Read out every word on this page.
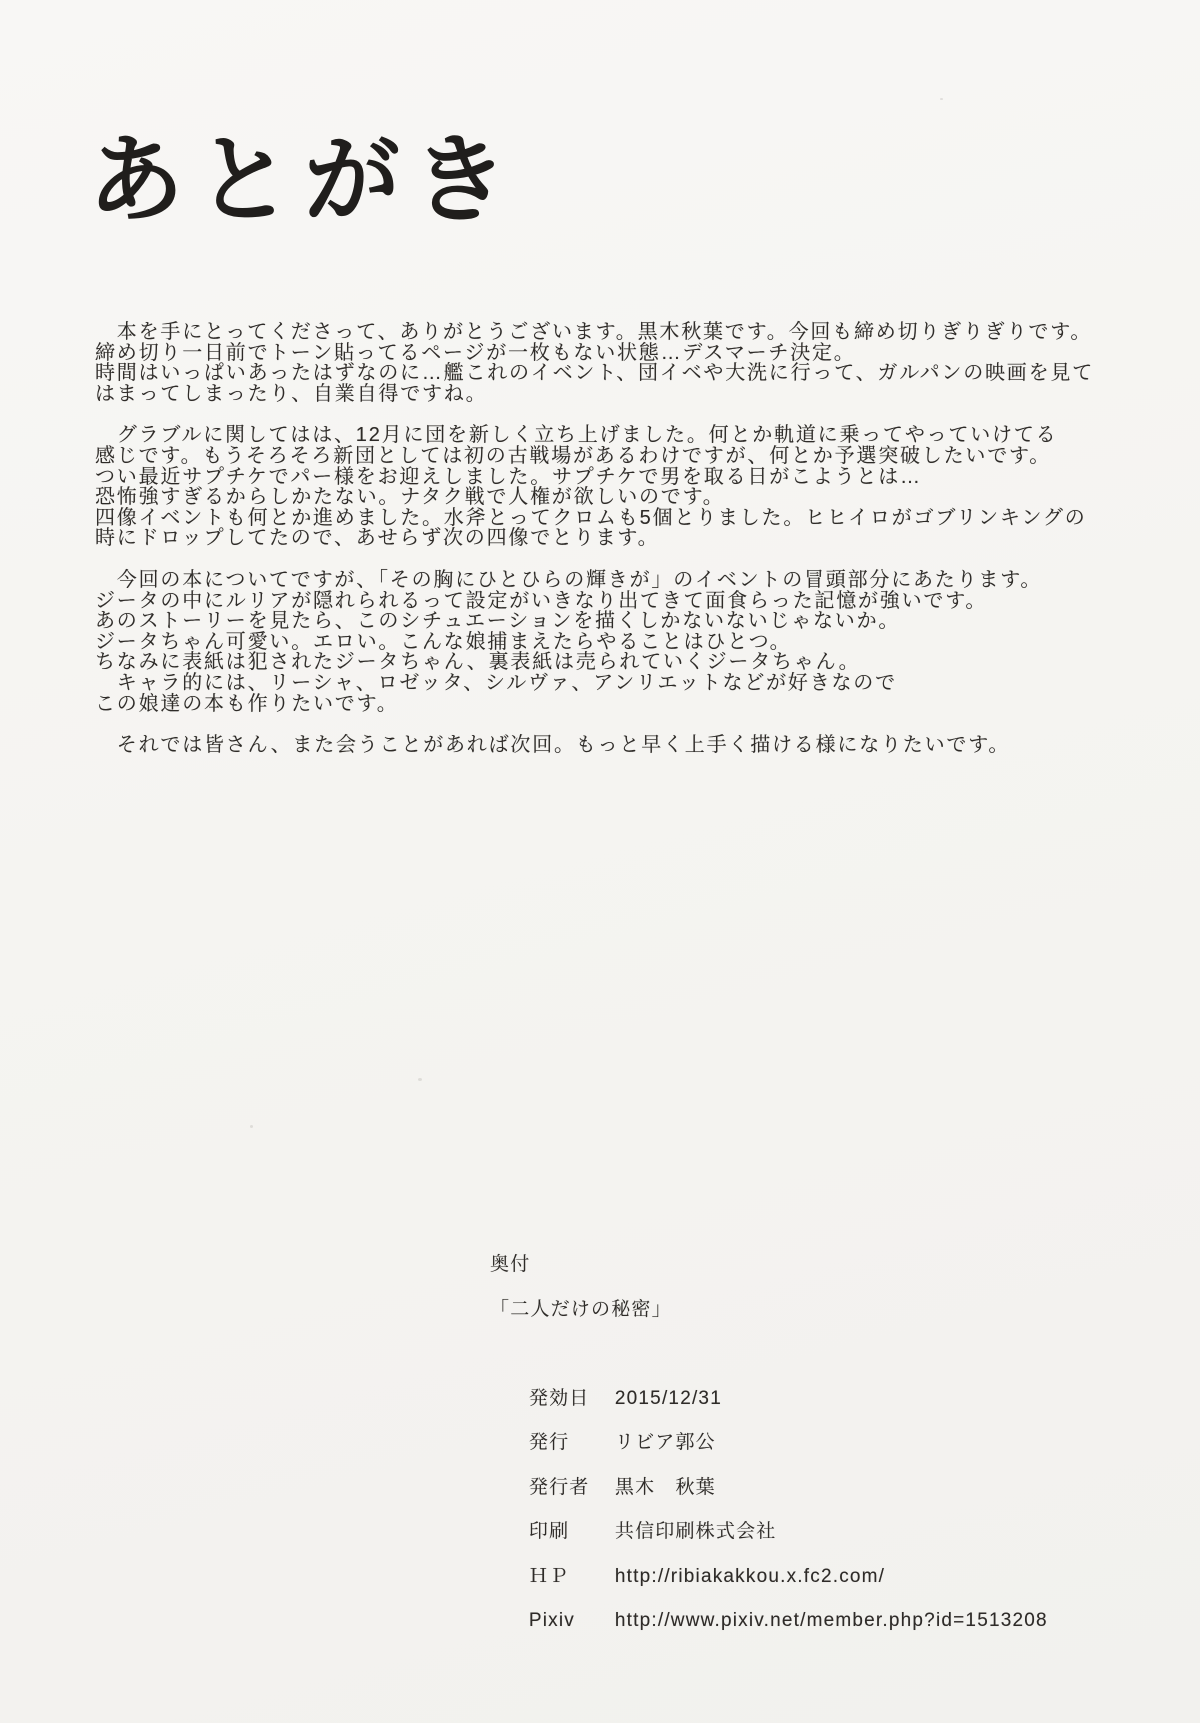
あとがき

　本を手にとってくださって、ありがとうございます。黒木秋葉です。今回も締め切りぎりぎりです。
締め切り一日前でトーン貼ってるページが一枚もない状態…デスマーチ決定。
時間はいっぱいあったはずなのに…艦これのイベント、団イベや大洗に行って、ガルパンの映画を見て
はまってしまったり、自業自得ですね。

　グラブルに関してはは、12月に団を新しく立ち上げました。何とか軌道に乗ってやっていけてる
感じです。もうそろそろ新団としては初の古戦場があるわけですが、何とか予選突破したいです。
つい最近サプチケでパー様をお迎えしました。サプチケで男を取る日がこようとは…
恐怖強すぎるからしかたない。ナタク戦で人権が欲しいのです。
四像イベントも何とか進めました。水斧とってクロムも5個とりました。ヒヒイロがゴブリンキングの
時にドロップしてたので、あせらず次の四像でとります。

　今回の本についてですが、「その胸にひとひらの輝きが」のイベントの冒頭部分にあたります。
ジータの中にルリアが隠れられるって設定がいきなり出てきて面食らった記憶が強いです。
あのストーリーを見たら、このシチュエーションを描くしかないないじゃないか。
ジータちゃん可愛い。エロい。こんな娘捕まえたらやることはひとつ。
ちなみに表紙は犯されたジータちゃん、裏表紙は売られていくジータちゃん。
　キャラ的には、リーシャ、ロゼッタ、シルヴァ、アンリエットなどが好きなので
この娘達の本も作りたいです。

　それでは皆さん、また会うことがあれば次回。もっと早く上手く描ける様になりたいです。

奥付
「二人だけの秘密」

発効日 2015/12/31

発行 リビア郭公

発行者 黒木　秋葉

印刷 共信印刷株式会社

ＨＰ http://ribiakakkou.x.fc2.com/

Pixiv http://www.pixiv.net/member.php?id=1513208
